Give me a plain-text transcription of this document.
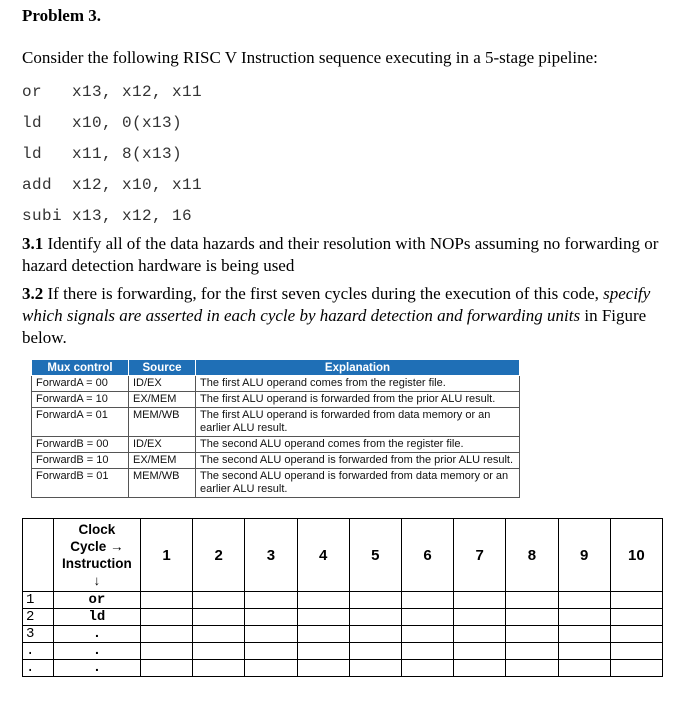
Problem 3.
Consider the following RISC V Instruction sequence executing in a 5-stage pipeline:
or   x13, x12, x11
ld   x10, 0(x13)
ld   x11, 8(x13)
add  x12, x10, x11
subi x13, x12, 16
3.1 Identify all of the data hazards and their resolution with NOPs assuming no forwarding or hazard detection hardware is being used
3.2 If there is forwarding, for the first seven cycles during the execution of this code, specify which signals are asserted in each cycle by hazard detection and forwarding units in Figure below.
Mux control	Source	Explanation
ForwardA = 00	ID/EX	The first ALU operand comes from the register file.
ForwardA = 10	EX/MEM	The first ALU operand is forwarded from the prior ALU result.
ForwardA = 01	MEM/WB	The first ALU operand is forwarded from data memory or an earlier ALU result.
ForwardB = 00	ID/EX	The second ALU operand comes from the register file.
ForwardB = 10	EX/MEM	The second ALU operand is forwarded from the prior ALU result.
ForwardB = 01	MEM/WB	The second ALU operand is forwarded from data memory or an earlier ALU result.

	Clock
Cycle →
Instruction
↓	1	2	3	4	5	6	7	8	9	10
1	or										
2	ld										
3	.										
.	.										
.	.										
